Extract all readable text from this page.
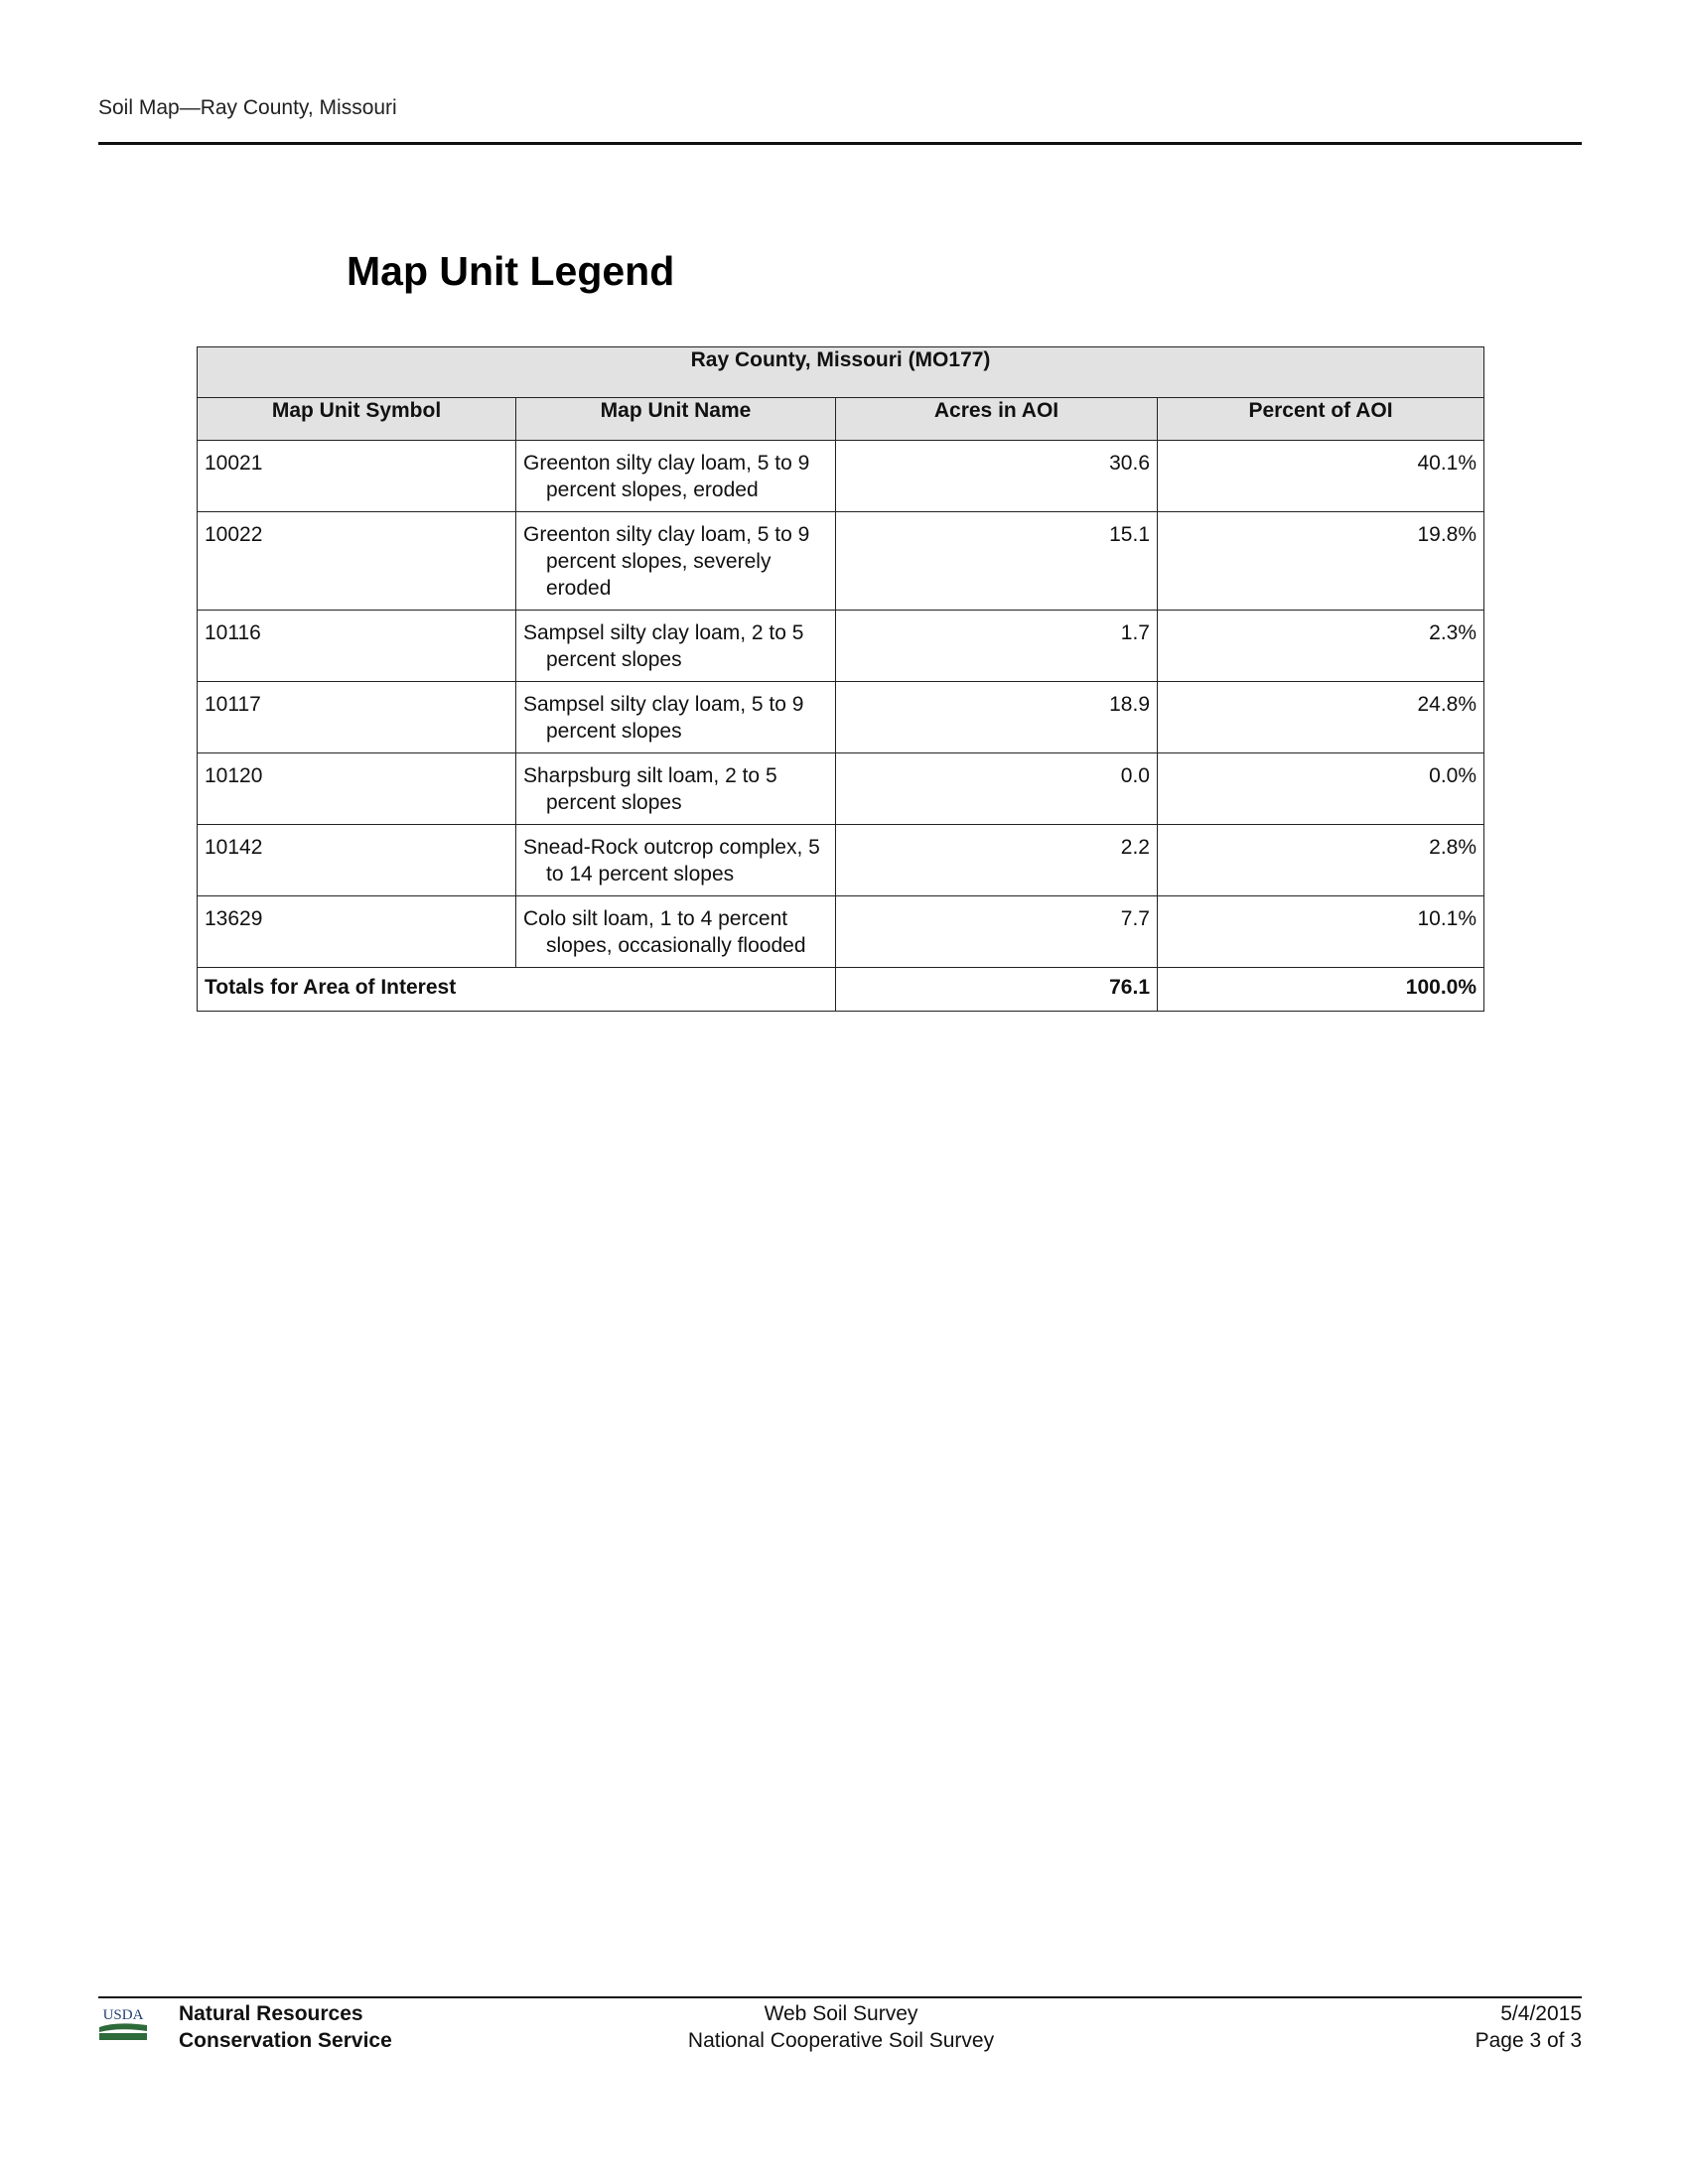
Soil Map—Ray County, Missouri
Map Unit Legend
Ray County, Missouri (MO177)			
Map Unit Symbol	Map Unit Name	Acres in AOI	Percent of AOI
10021	Greenton silty clay loam, 5 to 9 percent slopes, eroded	30.6	40.1%
10022	Greenton silty clay loam, 5 to 9 percent slopes, severely eroded	15.1	19.8%
10116	Sampsel silty clay loam, 2 to 5 percent slopes	1.7	2.3%
10117	Sampsel silty clay loam, 5 to 9 percent slopes	18.9	24.8%
10120	Sharpsburg silt loam, 2 to 5 percent slopes	0.0	0.0%
10142	Snead-Rock outcrop complex, 5 to 14 percent slopes	2.2	2.8%
13629	Colo silt loam, 1 to 4 percent slopes, occasionally flooded	7.7	10.1%
Totals for Area of Interest		76.1	100.0%
USDA Natural Resources
Conservation Service
Web Soil Survey
National Cooperative Soil Survey
5/4/2015
Page 3 of 3
